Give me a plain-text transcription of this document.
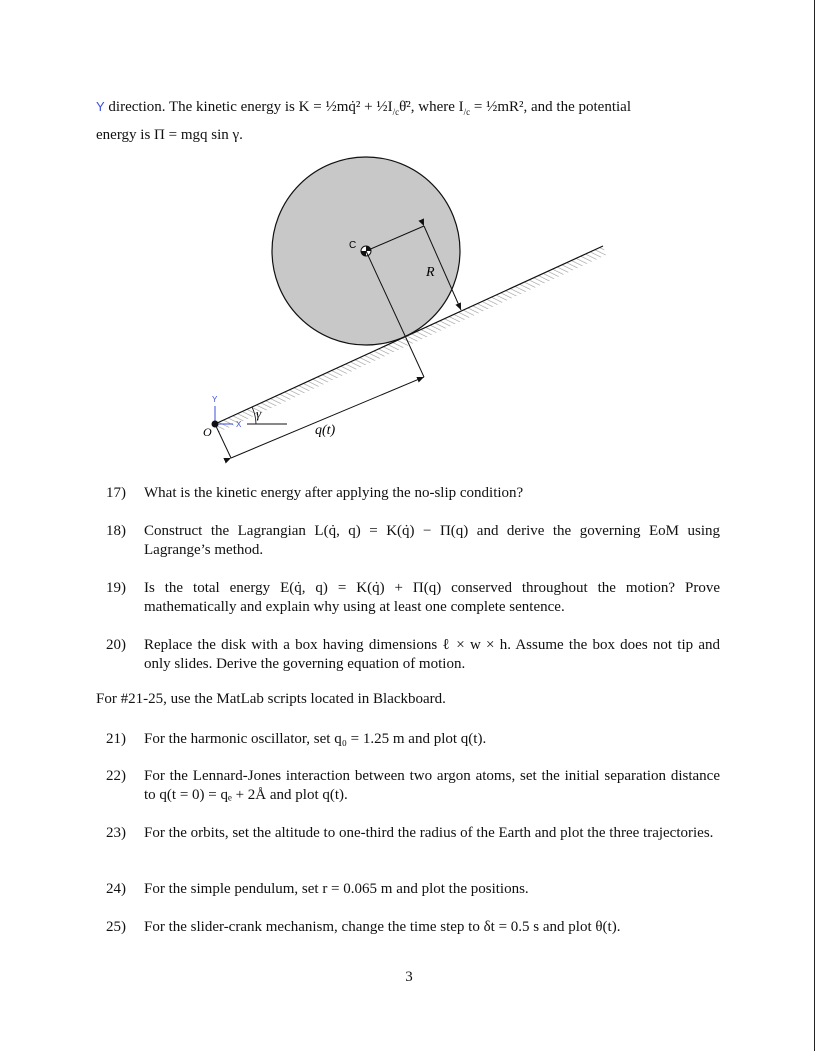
Y direction. The kinetic energy is K = ½mq̇² + $\frac{1}{2}I_{/c}\thetȧ^2$, where $I_{/c}$ = ½mR², and the potential
energy is Π = mgq sin γ.
C
R
q(t)
γ
Y
X
O
17)	What is the kinetic energy after applying the no-slip condition?
18)	Construct the Lagrangian L(q̇, q) = K(q̇) − Π(q) and derive the governing EoM using Lagrange’s method.
19)	Is the total energy E(q̇, q) = K(q̇) + Π(q) conserved throughout the motion? Prove mathematically and explain why using at least one complete sentence.
20)	Replace the disk with a box having dimensions ℓ × w × h. Assume the box does not tip and only slides. Derive the governing equation of motion.
For #21-25, use the MatLab scripts located in Blackboard.
21)	For the harmonic oscillator, set q₀ = 1.25 m and plot q(t).
22)	For the Lennard-Jones interaction between two argon atoms, set the initial separation distance to q(t = 0) = qₑ + 2Å and plot q(t).
23)	For the orbits, set the altitude to one-third the radius of the Earth and plot the three trajectories.
24)	For the simple pendulum, set r = 0.065 m and plot the positions.
25)	For the slider-crank mechanism, change the time step to δt = 0.5 s and plot θ(t).
3
